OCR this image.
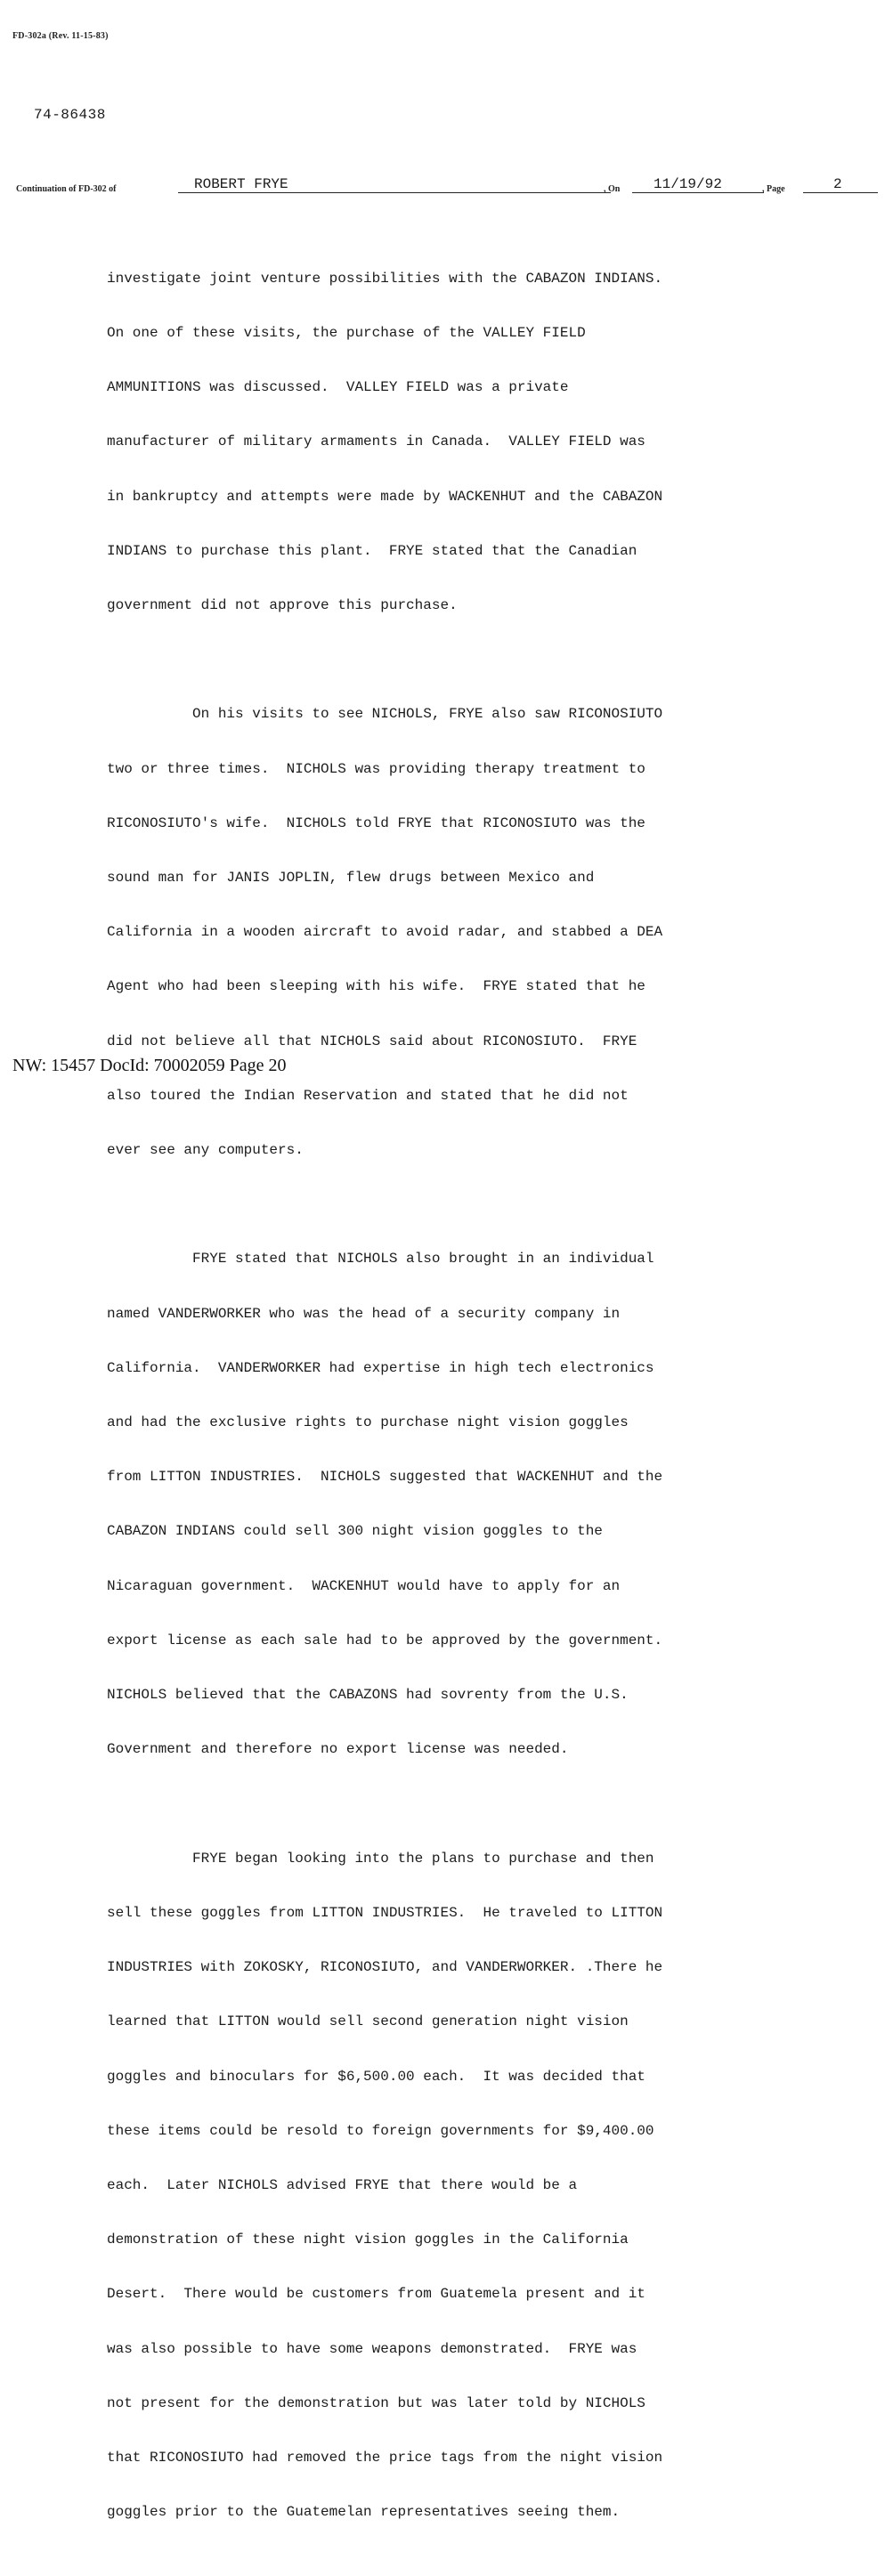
FD-302a (Rev. 11-15-83)
74-86438
Continuation of FD-302 of	ROBERT FRYE	, On	11/19/92	, Page	2

investigate joint venture possibilities with the CABAZON INDIANS.

On one of these visits, the purchase of the VALLEY FIELD

AMMUNITIONS was discussed.  VALLEY FIELD was a private

manufacturer of military armaments in Canada.  VALLEY FIELD was

in bankruptcy and attempts were made by WACKENHUT and the CABAZON

INDIANS to purchase this plant.  FRYE stated that the Canadian

government did not approve this purchase.

On his visits to see NICHOLS, FRYE also saw RICONOSIUTO

two or three times.  NICHOLS was providing therapy treatment to

RICONOSIUTO's wife.  NICHOLS told FRYE that RICONOSIUTO was the

sound man for JANIS JOPLIN, flew drugs between Mexico and

California in a wooden aircraft to avoid radar, and stabbed a DEA

Agent who had been sleeping with his wife.  FRYE stated that he

did not believe all that NICHOLS said about RICONOSIUTO.  FRYE

also toured the Indian Reservation and stated that he did not

ever see any computers.

FRYE stated that NICHOLS also brought in an individual

named VANDERWORKER who was the head of a security company in

California.  VANDERWORKER had expertise in high tech electronics

and had the exclusive rights to purchase night vision goggles

from LITTON INDUSTRIES.  NICHOLS suggested that WACKENHUT and the

CABAZON INDIANS could sell 300 night vision goggles to the

Nicaraguan government.  WACKENHUT would have to apply for an

export license as each sale had to be approved by the government.

NICHOLS believed that the CABAZONS had sovrenty from the U.S.

Government and therefore no export license was needed.

FRYE began looking into the plans to purchase and then

sell these goggles from LITTON INDUSTRIES.  He traveled to LITTON

INDUSTRIES with ZOKOSKY, RICONOSIUTO, and VANDERWORKER. .There he

learned that LITTON would sell second generation night vision

goggles and binoculars for $6,500.00 each.  It was decided that

these items could be resold to foreign governments for $9,400.00

each.  Later NICHOLS advised FRYE that there would be a

demonstration of these night vision goggles in the California

Desert.  There would be customers from Guatemela present and it

was also possible to have some weapons demonstrated.  FRYE was

not present for the demonstration but was later told by NICHOLS

that RICONOSIUTO had removed the price tags from the night vision

goggles prior to the Guatemelan representatives seeing them.

NW: 15457 DocId: 70002059 Page 20
